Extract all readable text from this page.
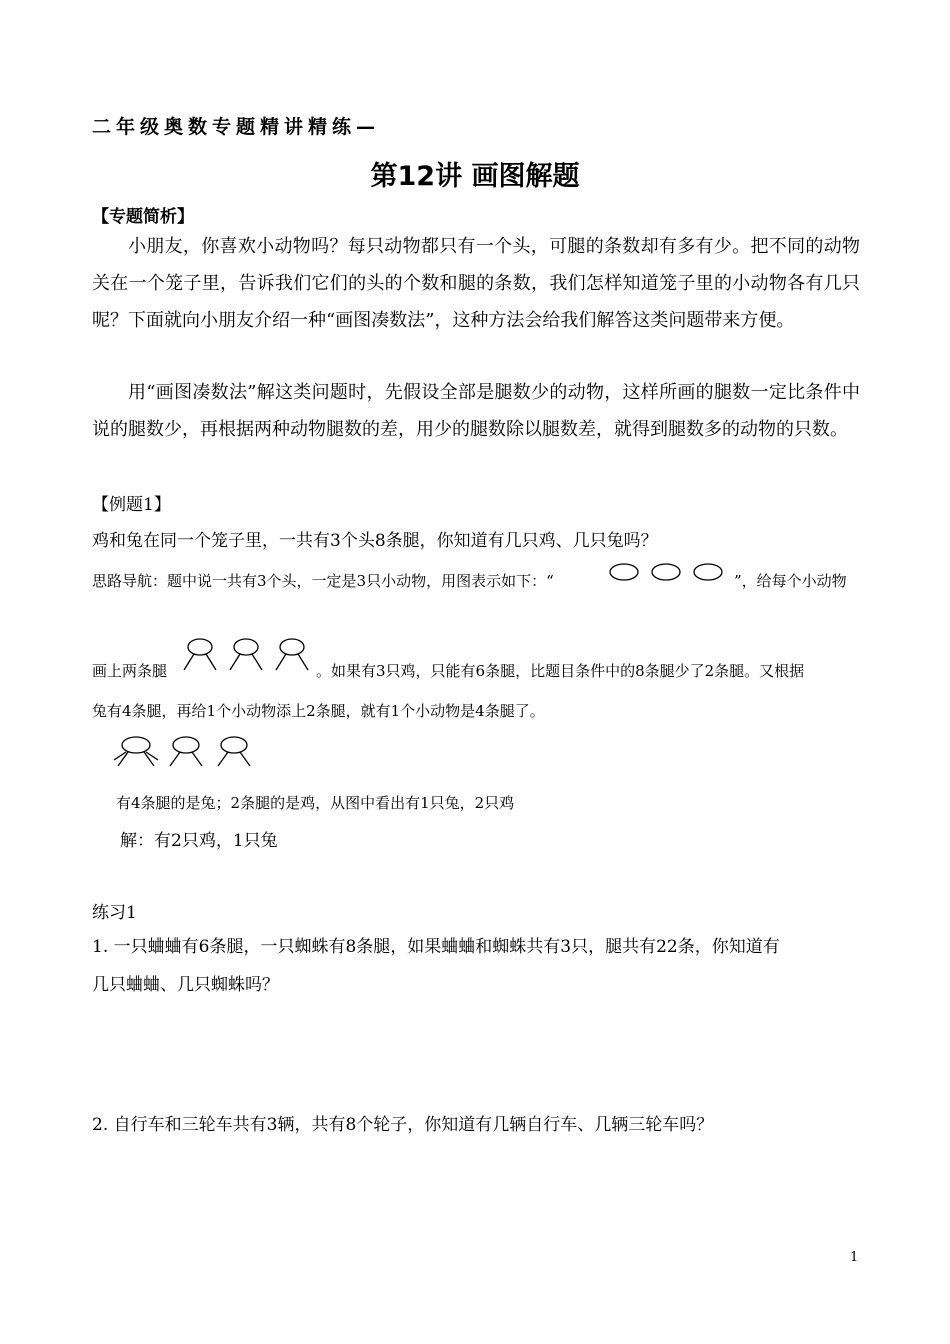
二年级奥数专题精讲精练—
第12讲 画图解题
【专题简析】
小朋友，你喜欢小动物吗？每只动物都只有一个头，可腿的条数却有多有少。把不同的动物关在一个笼子里，告诉我们它们的头的个数和腿的条数，我们怎样知道笼子里的小动物各有几只呢？下面就向小朋友介绍一种“画图凑数法”，这种方法会给我们解答这类问题带来方便。
用“画图凑数法”解这类问题时，先假设全部是腿数少的动物，这样所画的腿数一定比条件中说的腿数少，再根据两种动物腿数的差，用少的腿数除以腿数差，就得到腿数多的动物的只数。
【例题1】
鸡和兔在同一个笼子里，一共有3个头8条腿，你知道有几只鸡、几只兔吗？
思路导航：题中说一共有3个头，一定是3只小动物，用图表示如下：“	”，给每个小动物
画上两条腿	。如果有3只鸡，只能有6条腿，比题目条件中的8条腿少了2条腿。又根据
兔有4条腿，再给1个小动物添上2条腿，就有1个小动物是4条腿了。
有4条腿的是兔；2条腿的是鸡，从图中看出有1只兔，2只鸡
解：有2只鸡，1只兔
练习1
1. 一只蛐蛐有6条腿，一只蜘蛛有8条腿，如果蛐蛐和蜘蛛共有3只，腿共有22条，你知道有
几只蛐蛐、几只蜘蛛吗？
2. 自行车和三轮车共有3辆，共有8个轮子，你知道有几辆自行车、几辆三轮车吗？
1
